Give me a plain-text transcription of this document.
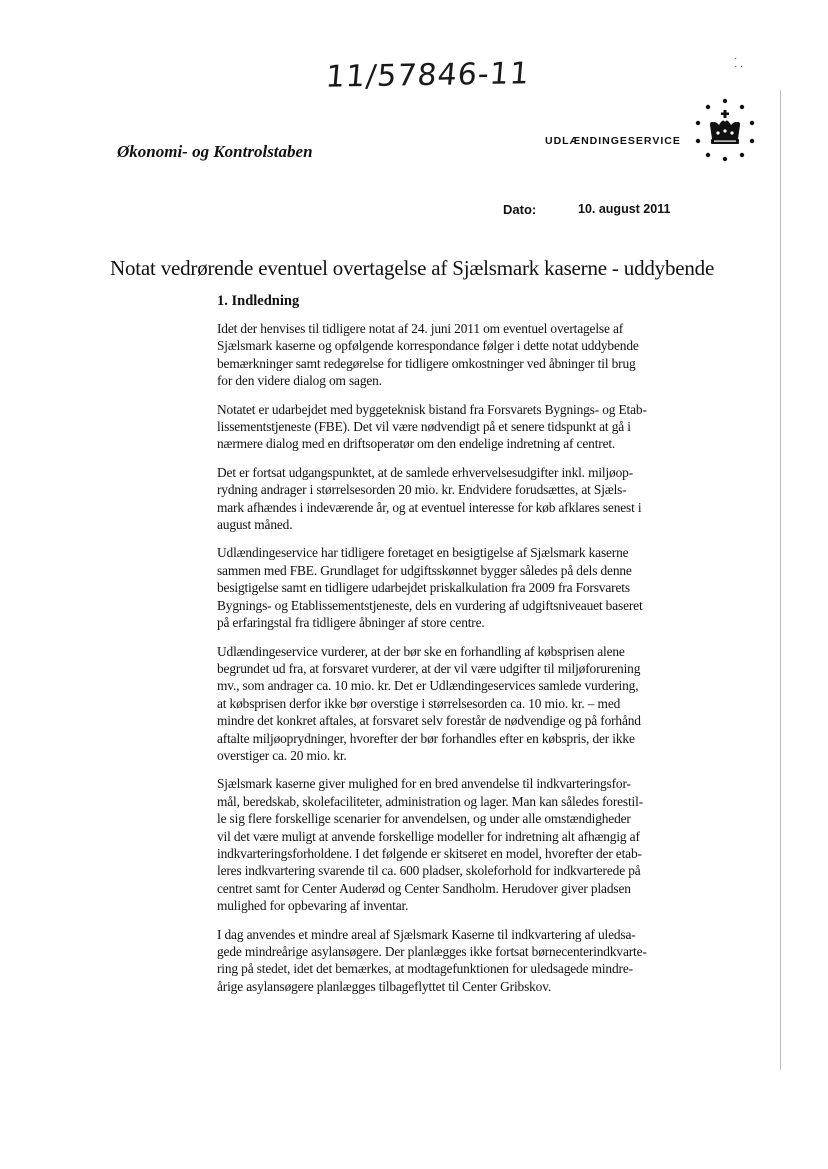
11/57846-11	·
· ·
Økonomi- og Kontrolstaben
UDLÆNDINGESERVICE
Dato:	10. august 2011
Notat vedrørende eventuel overtagelse af Sjælsmark kaserne - uddybende
1. Indledning

Idet der henvises til tidligere notat af 24. juni 2011 om eventuel overtagelse af

Sjælsmark kaserne og opfølgende korrespondance følger i dette notat uddybende

bemærkninger samt redegørelse for tidligere omkostninger ved åbninger til brug

for den videre dialog om sagen.

Notatet er udarbejdet med byggeteknisk bistand fra Forsvarets Bygnings- og Etab-

lissementstjeneste (FBE). Det vil være nødvendigt på et senere tidspunkt at gå i

nærmere dialog med en driftsoperatør om den endelige indretning af centret.

Det er fortsat udgangspunktet, at de samlede erhvervelsesudgifter inkl. miljøop-

rydning andrager i størrelsesorden 20 mio. kr. Endvidere forudsættes, at Sjæls-

mark afhændes i indeværende år, og at eventuel interesse for køb afklares senest i

august måned.

Udlændingeservice har tidligere foretaget en besigtigelse af Sjælsmark kaserne

sammen med FBE. Grundlaget for udgiftsskønnet bygger således på dels denne

besigtigelse samt en tidligere udarbejdet priskalkulation fra 2009 fra Forsvarets

Bygnings- og Etablissementstjeneste, dels en vurdering af udgiftsniveauet baseret

på erfaringstal fra tidligere åbninger af store centre.

Udlændingeservice vurderer, at der bør ske en forhandling af købsprisen alene

begrundet ud fra, at forsvaret vurderer, at der vil være udgifter til miljøforurening

mv., som andrager ca. 10 mio. kr. Det er Udlændingeservices samlede vurdering,

at købsprisen derfor ikke bør overstige i størrelsesorden ca. 10 mio. kr. – med

mindre det konkret aftales, at forsvaret selv forestår de nødvendige og på forhånd

aftalte miljøoprydninger, hvorefter der bør forhandles efter en købspris, der ikke

overstiger ca. 20 mio. kr.

Sjælsmark kaserne giver mulighed for en bred anvendelse til indkvarteringsfor-

mål, beredskab, skolefaciliteter, administration og lager. Man kan således forestil-

le sig flere forskellige scenarier for anvendelsen, og under alle omstændigheder

vil det være muligt at anvende forskellige modeller for indretning alt afhængig af

indkvarteringsforholdene. I det følgende er skitseret en model, hvorefter der etab-

leres indkvartering svarende til ca. 600 pladser, skoleforhold for indkvarterede på

centret samt for Center Auderød og Center Sandholm. Herudover giver pladsen

mulighed for opbevaring af inventar.

I dag anvendes et mindre areal af Sjælsmark Kaserne til indkvartering af uledsa-

gede mindreårige asylansøgere. Der planlægges ikke fortsat børnecenterindkvarte-

ring på stedet, idet det bemærkes, at modtagefunktionen for uledsagede mindre-

årige asylansøgere planlægges tilbageflyttet til Center Gribskov.
